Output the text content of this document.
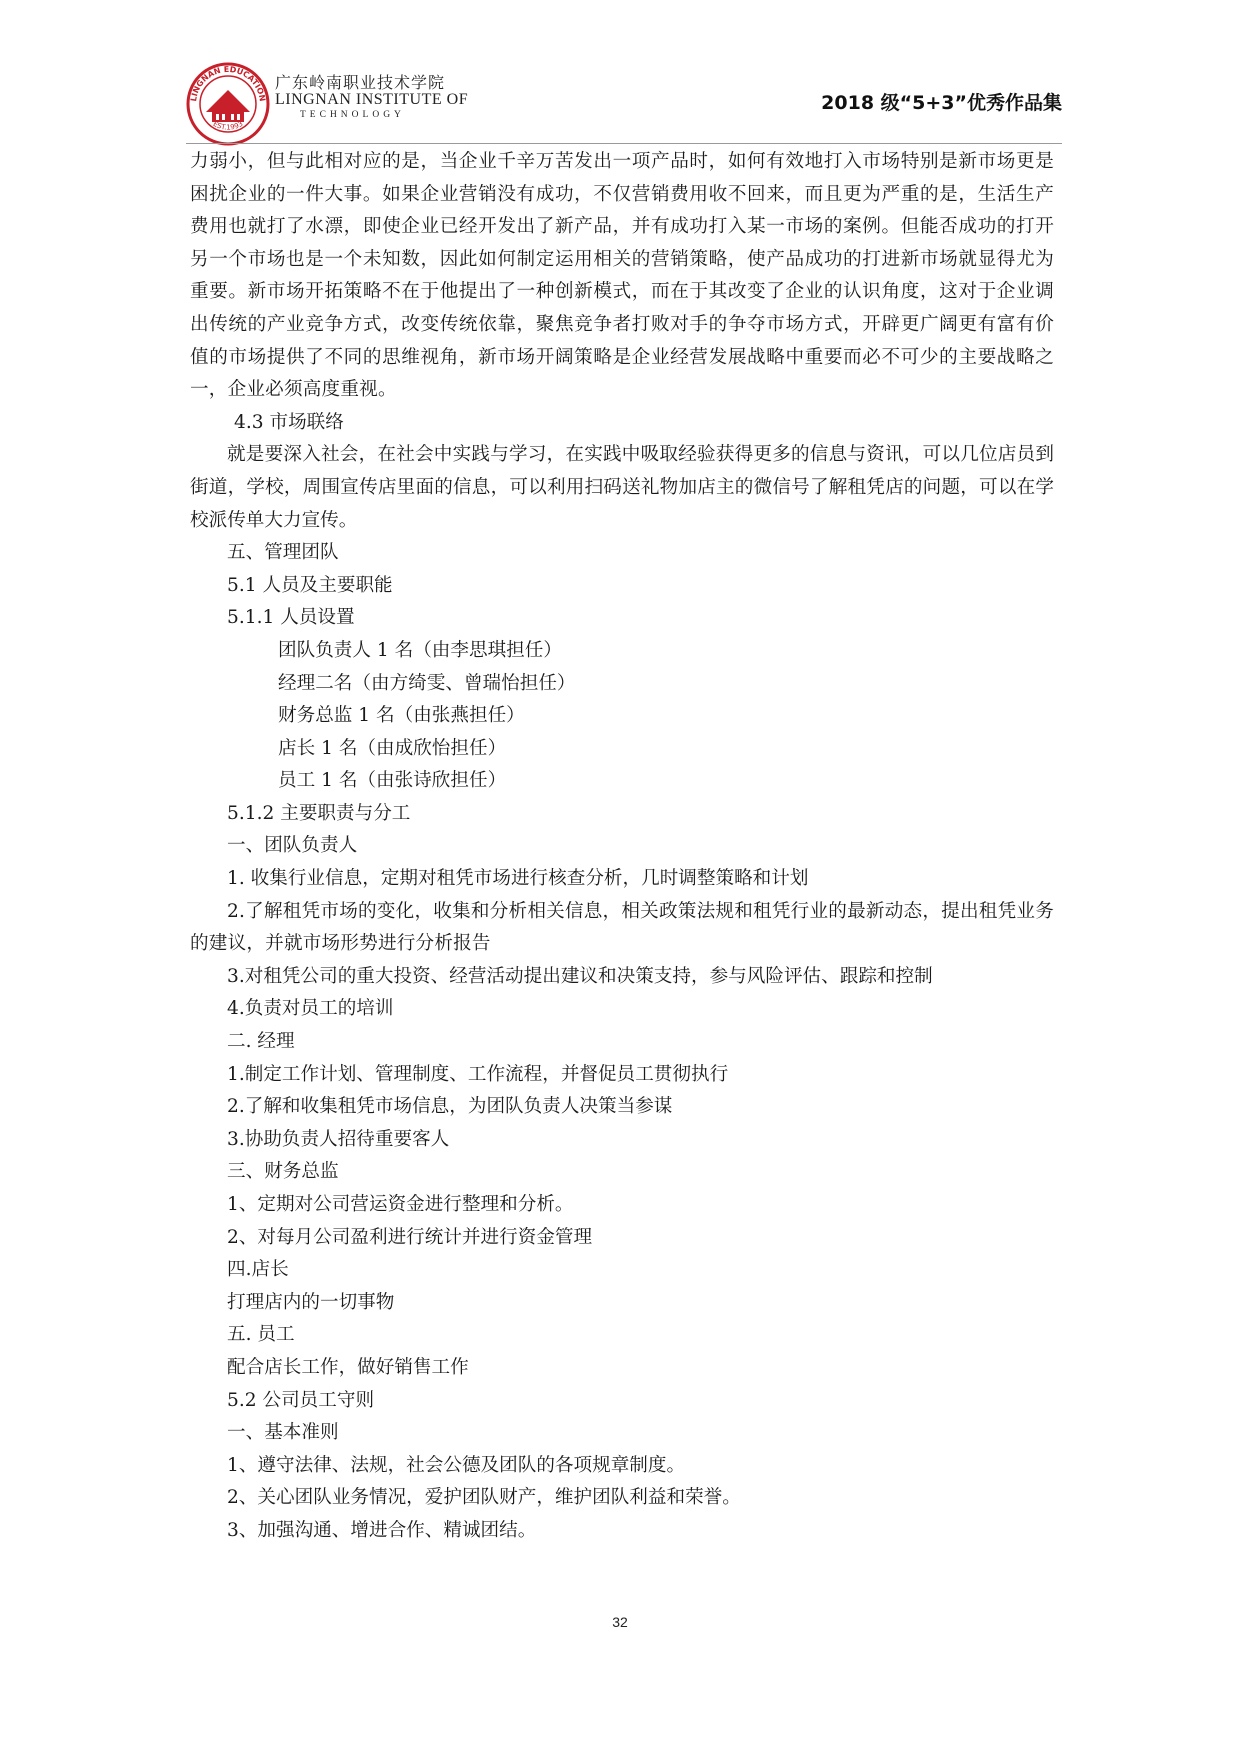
LINGNAN EDUCATION
EST.1993
广东岭南职业技术学院
LINGNAN INSTITUTE OF
TECHNOLOGY
2018 级“5+3”优秀作品集

力弱小，但与此相对应的是，当企业千辛万苦发出一项产品时，如何有效地打入市场特别是新市场更是困扰企业的一件大事。如果企业营销没有成功，不仅营销费用收不回来，而且更为严重的是，生活生产费用也就打了水漂，即使企业已经开发出了新产品，并有成功打入某一市场的案例。但能否成功的打开另一个市场也是一个未知数，因此如何制定运用相关的营销策略，使产品成功的打进新市场就显得尤为重要。新市场开拓策略不在于他提出了一种创新模式，而在于其改变了企业的认识角度，这对于企业调出传统的产业竞争方式，改变传统依靠，聚焦竞争者打败对手的争夺市场方式，开辟更广阔更有富有价值的市场提供了不同的思维视角，新市场开阔策略是企业经营发展战略中重要而必不可少的主要战略之一，企业必须高度重视。

4.3 市场联络

就是要深入社会，在社会中实践与学习，在实践中吸取经验获得更多的信息与资讯，可以几位店员到街道，学校，周围宣传店里面的信息，可以利用扫码送礼物加店主的微信号了解租凭店的问题，可以在学校派传单大力宣传。

五、管理团队

5.1 人员及主要职能

5.1.1 人员设置

团队负责人 1 名（由李思琪担任）

经理二名（由方绮雯、曾瑞怡担任）

财务总监 1 名（由张燕担任）

店长 1 名（由成欣怡担任）

员工 1 名（由张诗欣担任）

5.1.2 主要职责与分工

一、团队负责人

1. 收集行业信息，定期对租凭市场进行核查分析，几时调整策略和计划

2.了解租凭市场的变化，收集和分析相关信息，相关政策法规和租凭行业的最新动态，提出租凭业务的建议，并就市场形势进行分析报告

3.对租凭公司的重大投资、经营活动提出建议和决策支持，参与风险评估、跟踪和控制

4.负责对员工的培训

二. 经理

1.制定工作计划、管理制度、工作流程，并督促员工贯彻执行

2.了解和收集租凭市场信息，为团队负责人决策当参谋

3.协助负责人招待重要客人

三、财务总监

1、定期对公司营运资金进行整理和分析。

2、对每月公司盈利进行统计并进行资金管理

四.店长

打理店内的一切事物

五. 员工

配合店长工作，做好销售工作

5.2 公司员工守则

一、基本准则

1、遵守法律、法规，社会公德及团队的各项规章制度。

2、关心团队业务情况，爱护团队财产，维护团队利益和荣誉。

3、加强沟通、增进合作、精诚团结。

32
